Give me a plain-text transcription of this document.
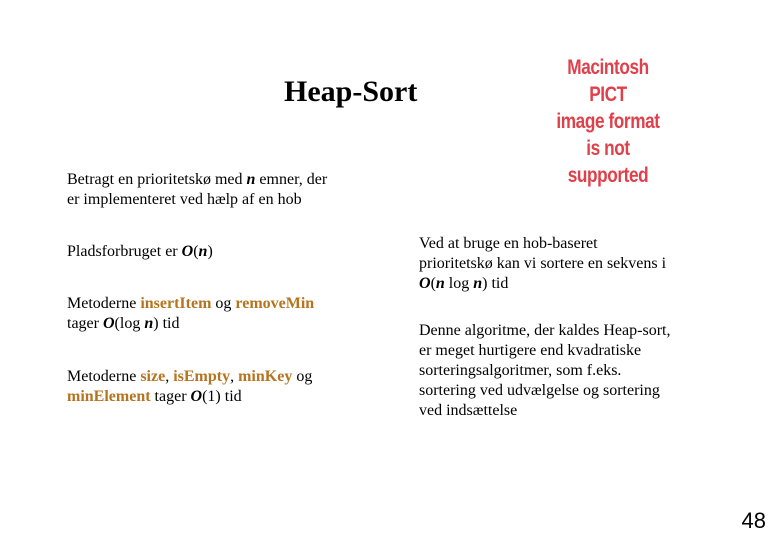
Heap-Sort
Macintosh PICT
image format
is not supported
Betragt en prioritetskø med n emner, der
er implementeret ved hælp af en hob
Pladsforbruget er O(n)
Metoderne insertItem og removeMin
tager O(log n) tid
Metoderne size, isEmpty, minKey og
minElement tager O(1) tid
Ved at bruge en hob-baseret
prioritetskø kan vi sortere en sekvens i
O(n log n) tid
Denne algoritme, der kaldes Heap-sort,
er meget hurtigere end kvadratiske
sorteringsalgoritmer, som f.eks.
sortering ved udvælgelse og sortering
ved indsættelse
48
